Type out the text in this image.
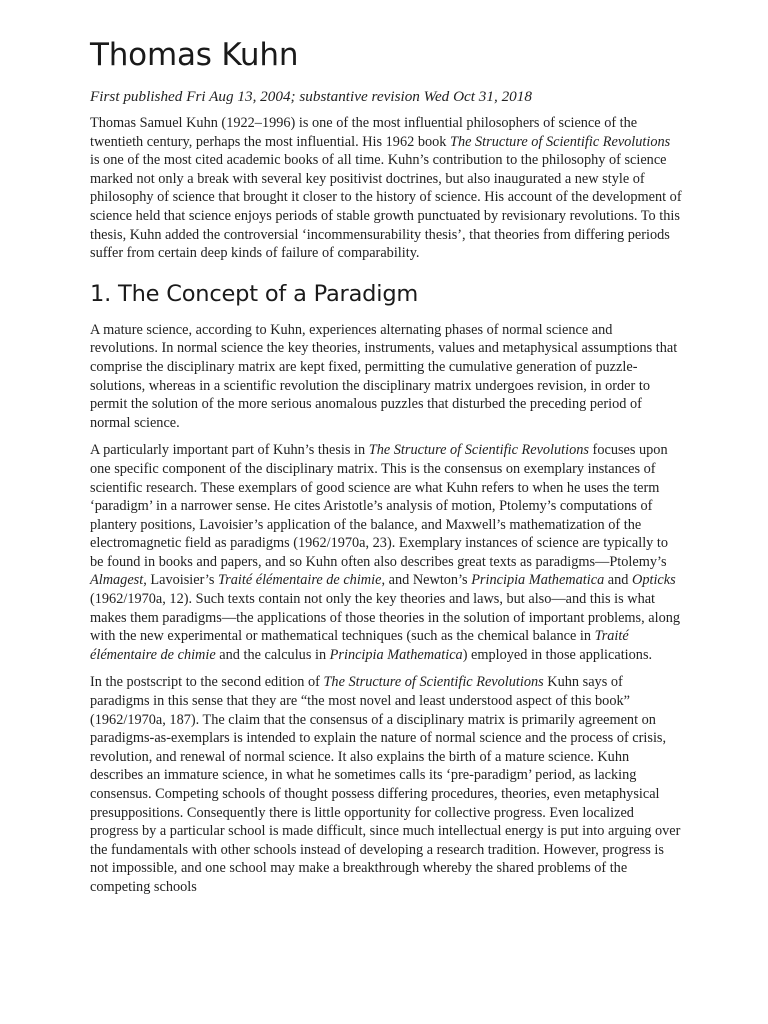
Thomas Kuhn

First published Fri Aug 13, 2004; substantive revision Wed Oct 31, 2018

Thomas Samuel Kuhn (1922–1996) is one of the most influential philosophers of science of the twentieth century, perhaps the most influential. His 1962 book The Structure of Scientific Revolutions is one of the most cited academic books of all time. Kuhn’s contribution to the philosophy of science marked not only a break with several key positivist doctrines, but also inaugurated a new style of philosophy of science that brought it closer to the history of science. His account of the development of science held that science enjoys periods of stable growth punctuated by revisionary revolutions. To this thesis, Kuhn added the controversial ‘incommensurability thesis’, that theories from differing periods suffer from certain deep kinds of failure of comparability.

1. The Concept of a Paradigm

A mature science, according to Kuhn, experiences alternating phases of normal science and revolutions. In normal science the key theories, instruments, values and metaphysical assumptions that comprise the disciplinary matrix are kept fixed, permitting the cumulative generation of puzzle-solutions, whereas in a scientific revolution the disciplinary matrix undergoes revision, in order to permit the solution of the more serious anomalous puzzles that disturbed the preceding period of normal science.

A particularly important part of Kuhn’s thesis in The Structure of Scientific Revolutions focuses upon one specific component of the disciplinary matrix. This is the consensus on exemplary instances of scientific research. These exemplars of good science are what Kuhn refers to when he uses the term ‘paradigm’ in a narrower sense. He cites Aristotle’s analysis of motion, Ptolemy’s computations of plantery positions, Lavoisier’s application of the balance, and Maxwell’s mathematization of the electromagnetic field as paradigms (1962/1970a, 23). Exemplary instances of science are typically to be found in books and papers, and so Kuhn often also describes great texts as paradigms—Ptolemy’s Almagest, Lavoisier’s Traité élémentaire de chimie, and Newton’s Principia Mathematica and Opticks (1962/1970a, 12). Such texts contain not only the key theories and laws, but also—and this is what makes them paradigms—the applications of those theories in the solution of important problems, along with the new experimental or mathematical techniques (such as the chemical balance in Traité élémentaire de chimie and the calculus in Principia Mathematica) employed in those applications.

In the postscript to the second edition of The Structure of Scientific Revolutions Kuhn says of paradigms in this sense that they are “the most novel and least understood aspect of this book” (1962/1970a, 187). The claim that the consensus of a disciplinary matrix is primarily agreement on paradigms-as-exemplars is intended to explain the nature of normal science and the process of crisis, revolution, and renewal of normal science. It also explains the birth of a mature science. Kuhn describes an immature science, in what he sometimes calls its ‘pre-paradigm’ period, as lacking consensus. Competing schools of thought possess differing procedures, theories, even metaphysical presuppositions. Consequently there is little opportunity for collective progress. Even localized progress by a particular school is made difficult, since much intellectual energy is put into arguing over the fundamentals with other schools instead of developing a research tradition. However, progress is not impossible, and one school may make a breakthrough whereby the shared problems of the competing schools
